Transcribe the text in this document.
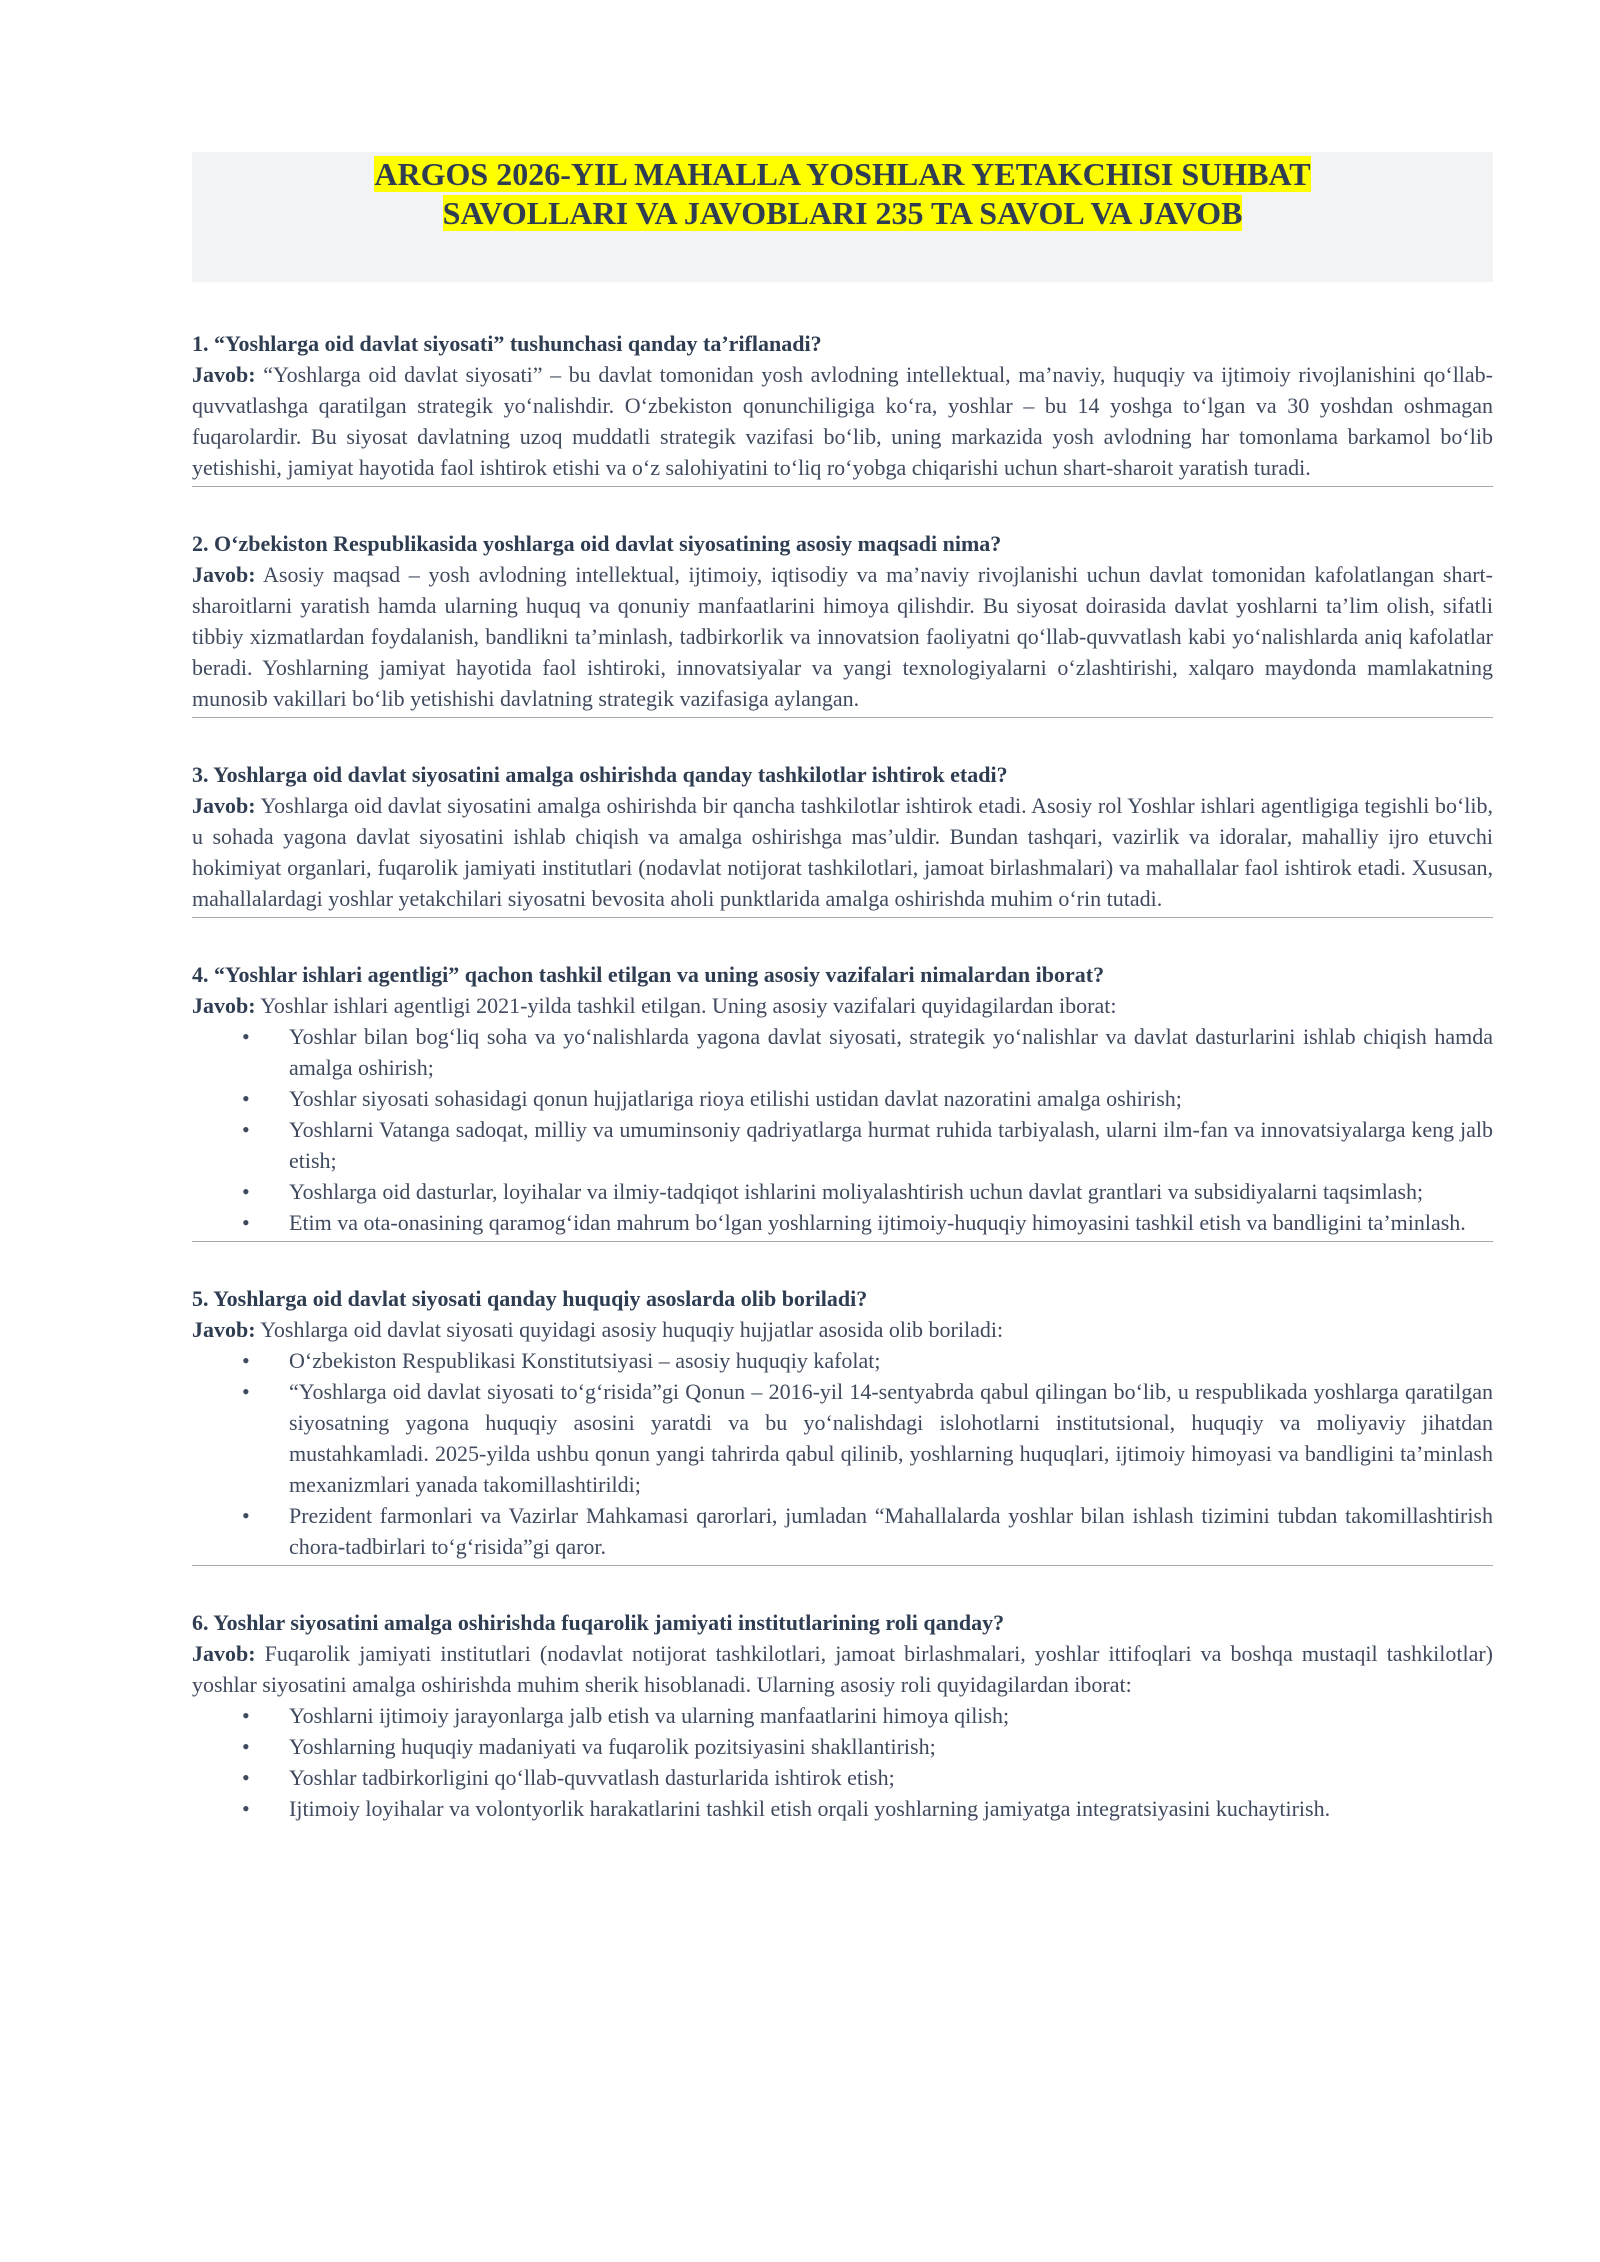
ARGOS 2026-YIL MAHALLA YOSHLAR YETAKCHISI SUHBAT
SAVOLLARI VA JAVOBLARI 235 TA SAVOL VA JAVOB
1. “Yoshlarga oid davlat siyosati” tushunchasi qanday ta’riflanadi?

Javob: “Yoshlarga oid davlat siyosati” – bu davlat tomonidan yosh avlodning intellektual, ma’naviy, huquqiy va ijtimoiy rivojlanishini qo‘llab-quvvatlashga qaratilgan strategik yo‘nalishdir. O‘zbekiston qonunchiligiga ko‘ra, yoshlar – bu 14 yoshga to‘lgan va 30 yoshdan oshmagan fuqarolardir. Bu siyosat davlatning uzoq muddatli strategik vazifasi bo‘lib, uning markazida yosh avlodning har tomonlama barkamol bo‘lib yetishishi, jamiyat hayotida faol ishtirok etishi va o‘z salohiyatini to‘liq ro‘yobga chiqarishi uchun shart-sharoit yaratish turadi.

2. O‘zbekiston Respublikasida yoshlarga oid davlat siyosatining asosiy maqsadi nima?

Javob: Asosiy maqsad – yosh avlodning intellektual, ijtimoiy, iqtisodiy va ma’naviy rivojlanishi uchun davlat tomonidan kafolatlangan shart-sharoitlarni yaratish hamda ularning huquq va qonuniy manfaatlarini himoya qilishdir. Bu siyosat doirasida davlat yoshlarni ta’lim olish, sifatli tibbiy xizmatlardan foydalanish, bandlikni ta’minlash, tadbirkorlik va innovatsion faoliyatni qo‘llab-quvvatlash kabi yo‘nalishlarda aniq kafolatlar beradi. Yoshlarning jamiyat hayotida faol ishtiroki, innovatsiyalar va yangi texnologiyalarni o‘zlashtirishi, xalqaro maydonda mamlakatning munosib vakillari bo‘lib yetishishi davlatning strategik vazifasiga aylangan.

3. Yoshlarga oid davlat siyosatini amalga oshirishda qanday tashkilotlar ishtirok etadi?

Javob: Yoshlarga oid davlat siyosatini amalga oshirishda bir qancha tashkilotlar ishtirok etadi. Asosiy rol Yoshlar ishlari agentligiga tegishli bo‘lib, u sohada yagona davlat siyosatini ishlab chiqish va amalga oshirishga mas’uldir. Bundan tashqari, vazirlik va idoralar, mahalliy ijro etuvchi hokimiyat organlari, fuqarolik jamiyati institutlari (nodavlat notijorat tashkilotlari, jamoat birlashmalari) va mahallalar faol ishtirok etadi. Xususan, mahallalardagi yoshlar yetakchilari siyosatni bevosita aholi punktlarida amalga oshirishda muhim o‘rin tutadi.

4. “Yoshlar ishlari agentligi” qachon tashkil etilgan va uning asosiy vazifalari nimalardan iborat?

Javob: Yoshlar ishlari agentligi 2021-yilda tashkil etilgan. Uning asosiy vazifalari quyidagilardan iborat:

• Yoshlar bilan bog‘liq soha va yo‘nalishlarda yagona davlat siyosati, strategik yo‘nalishlar va davlat dasturlarini ishlab chiqish hamda amalga oshirish;
• Yoshlar siyosati sohasidagi qonun hujjatlariga rioya etilishi ustidan davlat nazoratini amalga oshirish;
• Yoshlarni Vatanga sadoqat, milliy va umuminsoniy qadriyatlarga hurmat ruhida tarbiyalash, ularni ilm-fan va innovatsiyalarga keng jalb etish;
• Yoshlarga oid dasturlar, loyihalar va ilmiy-tadqiqot ishlarini moliyalashtirish uchun davlat grantlari va subsidiyalarni taqsimlash;
• Etim va ota-onasining qaramog‘idan mahrum bo‘lgan yoshlarning ijtimoiy-huquqiy himoyasini tashkil etish va bandligini ta’minlash.
5. Yoshlarga oid davlat siyosati qanday huquqiy asoslarda olib boriladi?

Javob: Yoshlarga oid davlat siyosati quyidagi asosiy huquqiy hujjatlar asosida olib boriladi:

• O‘zbekiston Respublikasi Konstitutsiyasi – asosiy huquqiy kafolat;
• “Yoshlarga oid davlat siyosati to‘g‘risida”gi Qonun – 2016-yil 14-sentyabrda qabul qilingan bo‘lib, u respublikada yoshlarga qaratilgan siyosatning yagona huquqiy asosini yaratdi va bu yo‘nalishdagi islohotlarni institutsional, huquqiy va moliyaviy jihatdan mustahkamladi. 2025-yilda ushbu qonun yangi tahrirda qabul qilinib, yoshlarning huquqlari, ijtimoiy himoyasi va bandligini ta’minlash mexanizmlari yanada takomillashtirildi;
• Prezident farmonlari va Vazirlar Mahkamasi qarorlari, jumladan “Mahallalarda yoshlar bilan ishlash tizimini tubdan takomillashtirish chora-tadbirlari to‘g‘risida”gi qaror.
6. Yoshlar siyosatini amalga oshirishda fuqarolik jamiyati institutlarining roli qanday?

Javob: Fuqarolik jamiyati institutlari (nodavlat notijorat tashkilotlari, jamoat birlashmalari, yoshlar ittifoqlari va boshqa mustaqil tashkilotlar) yoshlar siyosatini amalga oshirishda muhim sherik hisoblanadi. Ularning asosiy roli quyidagilardan iborat:

• Yoshlarni ijtimoiy jarayonlarga jalb etish va ularning manfaatlarini himoya qilish;
• Yoshlarning huquqiy madaniyati va fuqarolik pozitsiyasini shakllantirish;
• Yoshlar tadbirkorligini qo‘llab-quvvatlash dasturlarida ishtirok etish;
• Ijtimoiy loyihalar va volontyorlik harakatlarini tashkil etish orqali yoshlarning jamiyatga integratsiyasini kuchaytirish.
